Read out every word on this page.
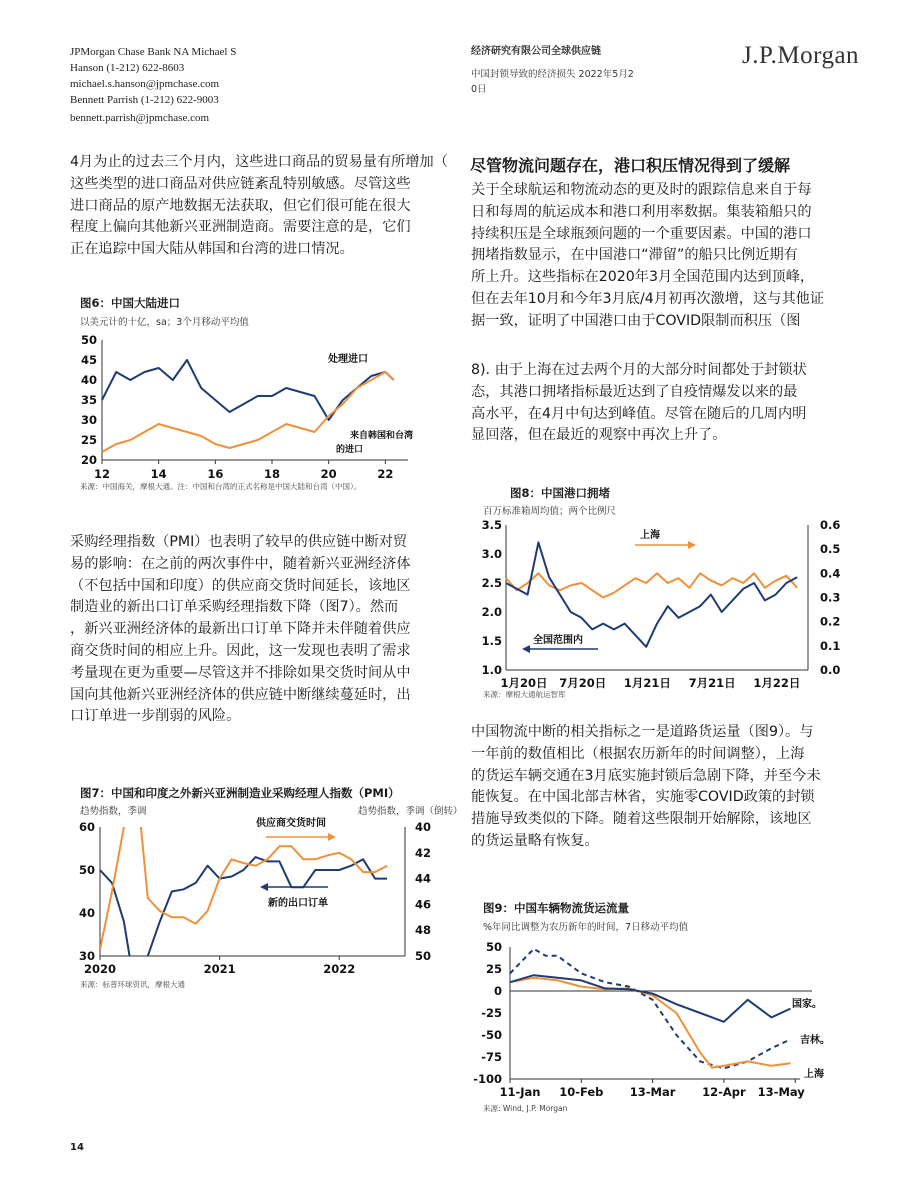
JPMorgan Chase Bank NA Michael S
Hanson (1-212) 622-8603
michael.s.hanson@jpmchase.com
Bennett Parrish (1-212) 622-9003
bennett.parrish@jpmchase.com
经济研究有限公司全球供应链
中国封锁导致的经济损失 2022年5月2
0日
J.P.Morgan
4月为止的过去三个月内，这些进口商品的贸易量有所增加（
这些类型的进口商品对供应链紊乱特别敏感。尽管这些
进口商品的原产地数据无法获取，但它们很可能在很大
程度上偏向其他新兴亚洲制造商。需要注意的是，它们
正在追踪中国大陆从韩国和台湾的进口情况。
采购经理指数（PMI）也表明了较早的供应链中断对贸
易的影响：在之前的两次事件中，随着新兴亚洲经济体
（不包括中国和印度）的供应商交货时间延长，该地区
制造业的新出口订单采购经理指数下降（图7）。然而
，新兴亚洲经济体的最新出口订单下降并未伴随着供应
商交货时间的相应上升。因此，这一发现也表明了需求
考量现在更为重要—尽管这并不排除如果交货时间从中
国向其他新兴亚洲经济体的供应链中断继续蔓延时，出
口订单进一步削弱的风险。
尽管物流问题存在，港口积压情况得到了缓解
关于全球航运和物流动态的更及时的跟踪信息来自于每
日和每周的航运成本和港口利用率数据。集装箱船只的
持续积压是全球瓶颈问题的一个重要因素。中国的港口
拥堵指数显示，在中国港口“滞留”的船只比例近期有
所上升。这些指标在2020年3月全国范围内达到顶峰，
但在去年10月和今年3月底/4月初再次激增，这与其他证
据一致，证明了中国港口由于COVID限制而积压（图
8). 由于上海在过去两个月的大部分时间都处于封锁状
态，其港口拥堵指标最近达到了自疫情爆发以来的最
高水平，在4月中旬达到峰值。尽管在随后的几周内明
显回落，但在最近的观察中再次上升了。
中国物流中断的相关指标之一是道路货运量（图9）。与
一年前的数值相比（根据农历新年的时间调整），上海
的货运车辆交通在3月底实施封锁后急剧下降，并至今未
能恢复。在中国北部吉林省，实施零COVID政策的封锁
措施导致类似的下降。随着这些限制开始解除，该地区
的货运量略有恢复。
图6：中国大陆进口
以美元计的十亿，sa；3个月移动平均值
50
45
40
35
30
25
20
12	14	16	18	20	22
处理进口
来自韩国和台湾
的进口
来源：中国海关，摩根大通。注：中国和台湾的正式名称是中国大陆和台湾（中国）。
图7：中国和印度之外新兴亚洲制造业采购经理人指数（PMI）
趋势指数，季调	趋势指数，季调（倒转）
60
50
40
30
40
42
44
46
48
50
2020	2021	2022
供应商交货时间
新的出口订单
来源：标普环球资讯，摩根大通
图8：中国港口拥堵
百万标准箱周均值；两个比例尺
3.5
3.0
2.5
2.0
1.5
1.0
0.6
0.5
0.4
0.3
0.2
0.1
0.0
1月20日 7月20日 1月21日 7月21日 1月22日
上海
全国范围内
来源：摩根大通航运智库
图9：中国车辆物流货运流量
%年同比调整为农历新年的时间，7日移动平均值
50
25
0
-25
-50
-75
-100
11-Jan 10-Feb 13-Mar 12-Apr 13-May
国家。
吉林。
上海
来源: Wind, J.P. Morgan
14
